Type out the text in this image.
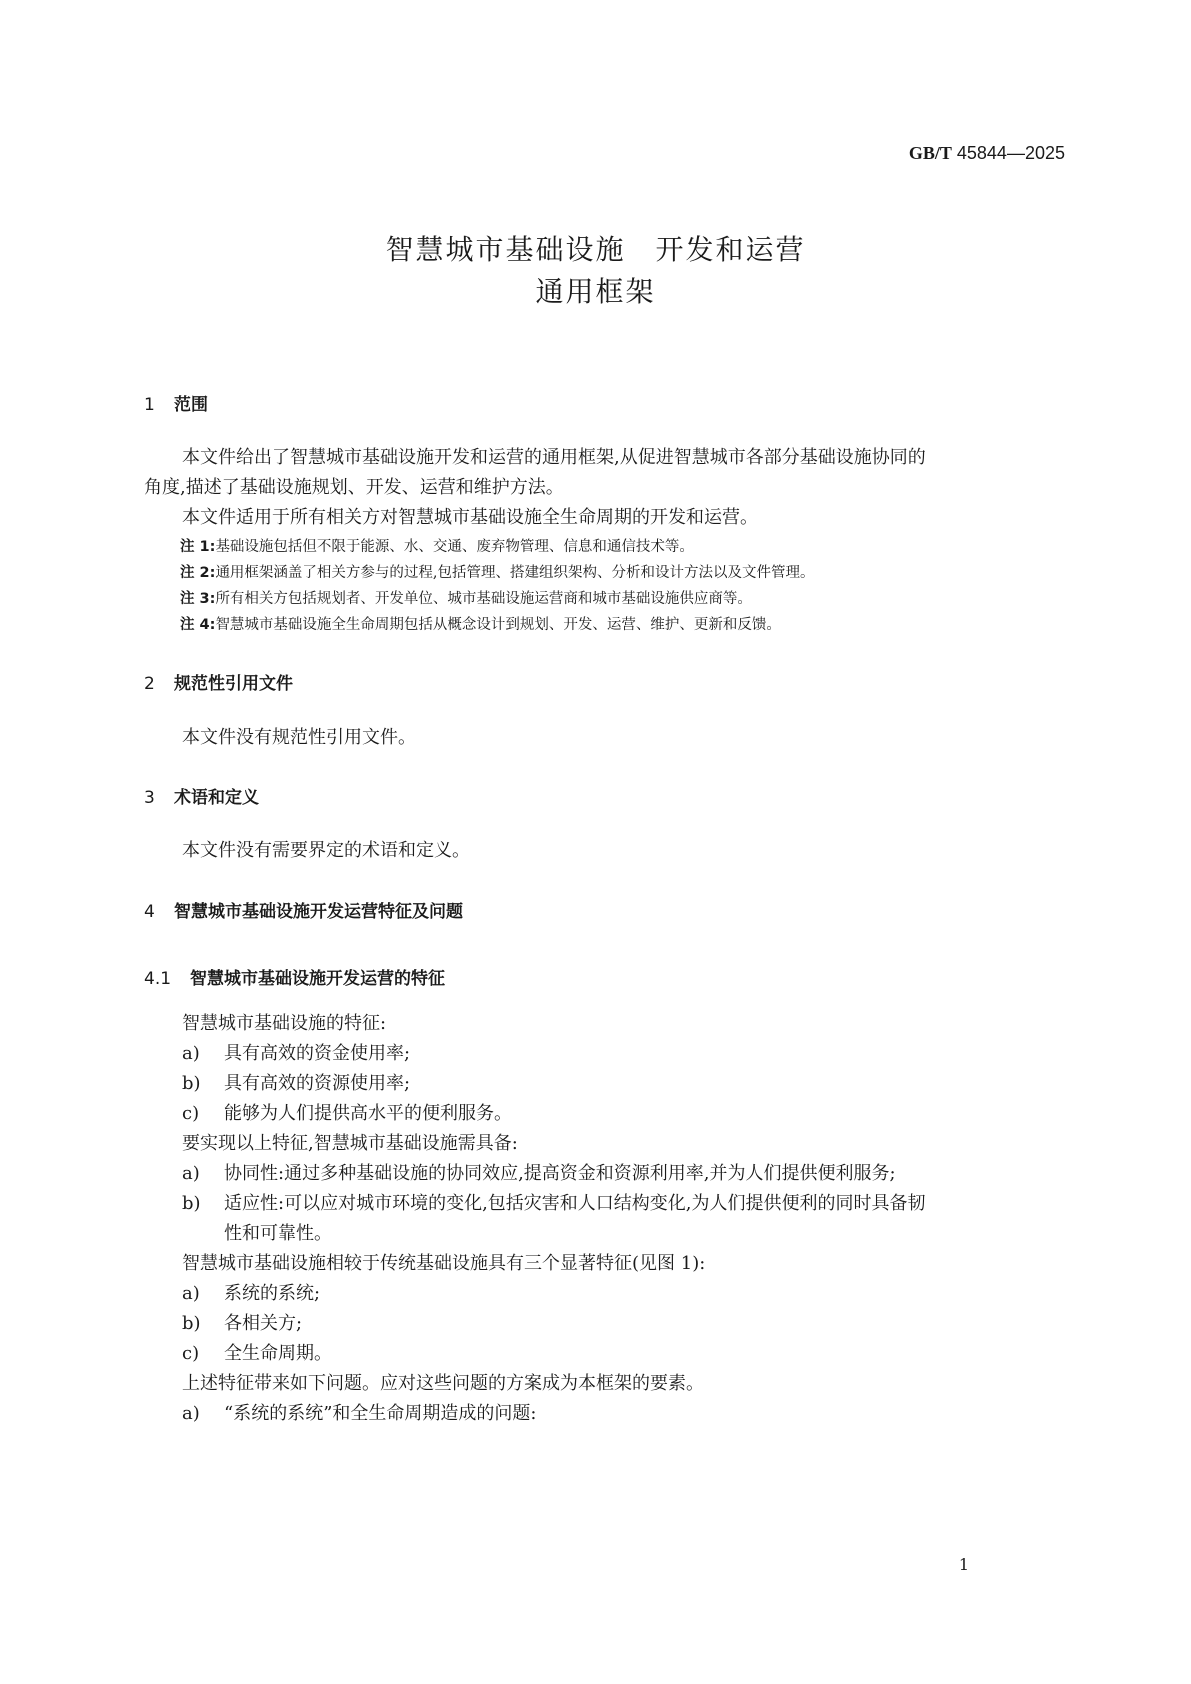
GB/T 45844—2025
智慧城市基础设施　开发和运营
通用框架
1 范围
本文件给出了智慧城市基础设施开发和运营的通用框架,从促进智慧城市各部分基础设施协同的
角度,描述了基础设施规划、开发、运营和维护方法。
本文件适用于所有相关方对智慧城市基础设施全生命周期的开发和运营。
注 1:基础设施包括但不限于能源、水、交通、废弃物管理、信息和通信技术等。
注 2:通用框架涵盖了相关方参与的过程,包括管理、搭建组织架构、分析和设计方法以及文件管理。
注 3:所有相关方包括规划者、开发单位、城市基础设施运营商和城市基础设施供应商等。
注 4:智慧城市基础设施全生命周期包括从概念设计到规划、开发、运营、维护、更新和反馈。
2 规范性引用文件
本文件没有规范性引用文件。
3 术语和定义
本文件没有需要界定的术语和定义。
4 智慧城市基础设施开发运营特征及问题
4.1 智慧城市基础设施开发运营的特征
智慧城市基础设施的特征:
a) 具有高效的资金使用率;
b) 具有高效的资源使用率;
c) 能够为人们提供高水平的便利服务。
要实现以上特征,智慧城市基础设施需具备:
a) 协同性:通过多种基础设施的协同效应,提高资金和资源利用率,并为人们提供便利服务;
b) 适应性:可以应对城市环境的变化,包括灾害和人口结构变化,为人们提供便利的同时具备韧
性和可靠性。
智慧城市基础设施相较于传统基础设施具有三个显著特征(见图 1):
a) 系统的系统;
b) 各相关方;
c) 全生命周期。
上述特征带来如下问题。应对这些问题的方案成为本框架的要素。
a) “系统的系统”和全生命周期造成的问题:
1
